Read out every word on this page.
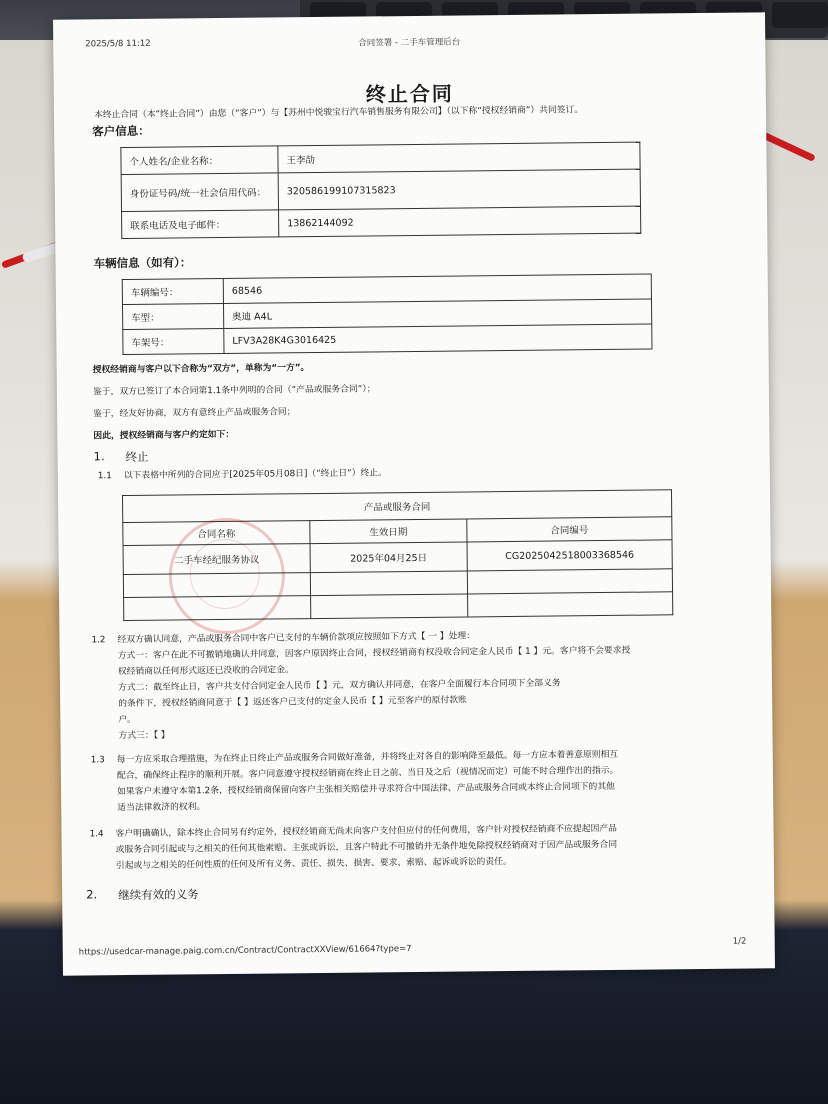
2025/5/8 11:12	合同签署 - 二手车管理后台
终止合同
本终止合同（本“终止合同”）由您（“客户”）与【苏州中悦骏宝行汽车销售服务有限公司】（以下称“授权经销商”）共同签订。
客户信息：
个人姓名/企业名称：	王李劼
身份证号码/统一社会信用代码：	320586199107315823
联系电话及电子邮件：	13862144092
车辆信息（如有）：
车辆编号：	68546
车型：	奥迪 A4L
车架号：	LFV3A28K4G3016425
授权经销商与客户以下合称为“双方”，单称为“一方”。
鉴于，双方已签订了本合同第1.1条中列明的合同（“产品或服务合同”）；
鉴于，经友好协商，双方有意终止产品或服务合同；
因此，授权经销商与客户约定如下：
1. 终止
1.1 以下表格中所列的合同应于[2025年05月08日]（“终止日”）终止。
产品或服务合同		
合同名称	生效日期	合同编号
二手车经纪服务协议	2025年04月25日	CG2025042518003368546

1.2 经双方确认同意，产品或服务合同中客户已支付的车辆价款项应按照如下方式【 一 】处理：
方式一：客户在此不可撤销地确认并同意，因客户原因终止合同，授权经销商有权没收合同定金人民币【 1 】元。客户将不会要求授
权经销商以任何形式返还已没收的合同定金。
方式二：截至终止日，客户共支付合同定金人民币【 】元，双方确认并同意，在客户全面履行本合同项下全部义务
的条件下，授权经销商同意于【 】返还客户已支付的定金人民币【 】元至客户的原付款账
户。
方式三：【 】
1.3 每一方应采取合理措施，为在终止日终止产品或服务合同做好准备，并将终止对各自的影响降至最低。每一方应本着善意原则相互
配合，确保终止程序的顺利开展。客户同意遵守授权经销商在终止日之前、当日及之后（视情况而定）可能不时合理作出的指示。
如果客户未遵守本第1.2条，授权经销商保留向客户主张相关赔偿并寻求符合中国法律、产品或服务合同或本终止合同项下的其他
适当法律救济的权利。
1.4 客户明确确认，除本终止合同另有约定外，授权经销商无尚未向客户支付但应付的任何费用，客户针对授权经销商不应提起因产品
或服务合同引起或与之相关的任何其他索赔、主张或诉讼，且客户特此不可撤销并无条件地免除授权经销商对于因产品或服务合同
引起或与之相关的任何性质的任何及所有义务、责任、损失、损害、要求、索赔、起诉或诉讼的责任。
2. 继续有效的义务
https://usedcar-manage.paig.com.cn/Contract/ContractXXView/61664?type=7
1/2
